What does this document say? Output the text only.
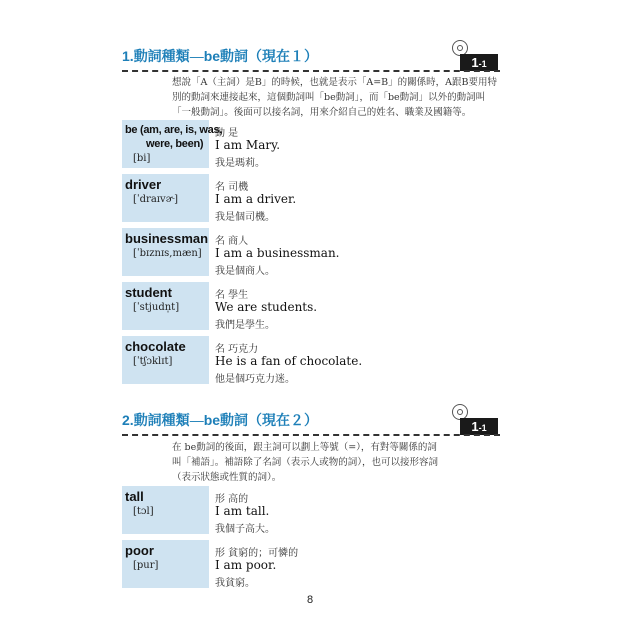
1.動詞種類—be動詞（現在１）	1-1
想說「A（主詞）是B」的時候，也就是表示「A=B」的關係時，A跟B要用特
別的動詞來連接起來，這個動詞叫「be動詞」，而「be動詞」以外的動詞叫
「一般動詞」。後面可以接名詞，用來介紹自己的姓名、職業及國籍等。
be (am, are, is, was,
were, been)
[bi]
動 是
I am Mary.
我是瑪莉。
driver
[ˈdraɪvɚ]
名 司機
I am a driver.
我是個司機。
businessman
[ˈbɪznɪs,mæn]
名 商人
I am a businessman.
我是個商人。
student
[ˈstjudn̩t]
名 學生
We are students.
我們是學生。
chocolate
[ˈtʃɔklɪt]
名 巧克力
He is a fan of chocolate.
他是個巧克力迷。
2.動詞種類—be動詞（現在２）	1-1
在 be動詞的後面，跟主詞可以劃上等號（=），有對等關係的詞
叫「補語」。補語除了名詞（表示人或物的詞），也可以接形容詞
（表示狀態或性質的詞）。
tall
[tɔl]
形 高的
I am tall.
我個子高大。
poor
[pur]
形 貧窮的；可憐的
I am poor.
我貧窮。
8
